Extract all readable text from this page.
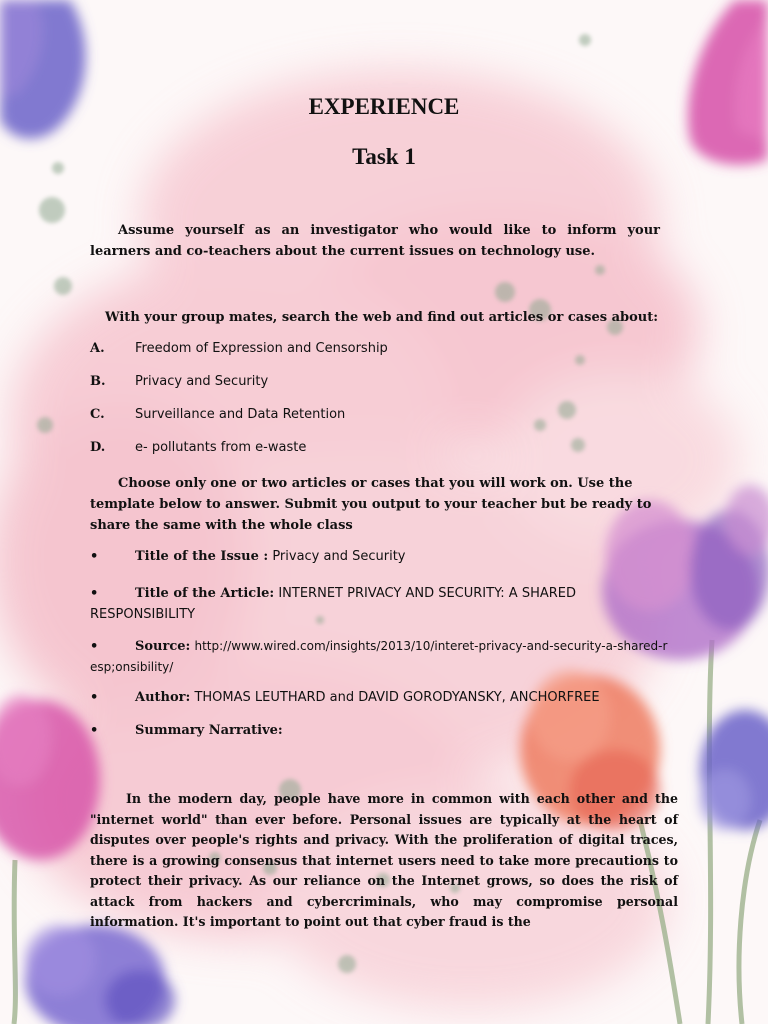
EXPERIENCE
Task 1

Assume yourself as an investigator who would like to inform your learners and co-teachers about the current issues on technology use.

With your group mates, search the web and find out articles or cases about:

A. Freedom of Expression and Censorship
B. Privacy and Security
C. Surveillance and Data Retention
D. e- pollutants from e-waste

Choose only one or two articles or cases that you will work on. Use the template below to answer. Submit you output to your teacher but be ready to share the same with the whole class

•	Title of the Issue : Privacy and Security
•	Title of the Article: INTERNET PRIVACY AND SECURITY: A SHARED RESPONSIBILITY
•	Source: http://www.wired.com/insights/2013/10/interet-privacy-and-security-a-shared-resp;onsibility/
•	Author: THOMAS LEUTHARD and DAVID GORODYANSKY, ANCHORFREE
•	Summary Narrative:

In the modern day, people have more in common with each other and the "internet world" than ever before. Personal issues are typically at the heart of disputes over people's rights and privacy. With the proliferation of digital traces, there is a growing consensus that internet users need to take more precautions to protect their privacy. As our reliance on the Internet grows, so does the risk of attack from hackers and cybercriminals, who may compromise personal information. It's important to point out that cyber fraud is the
